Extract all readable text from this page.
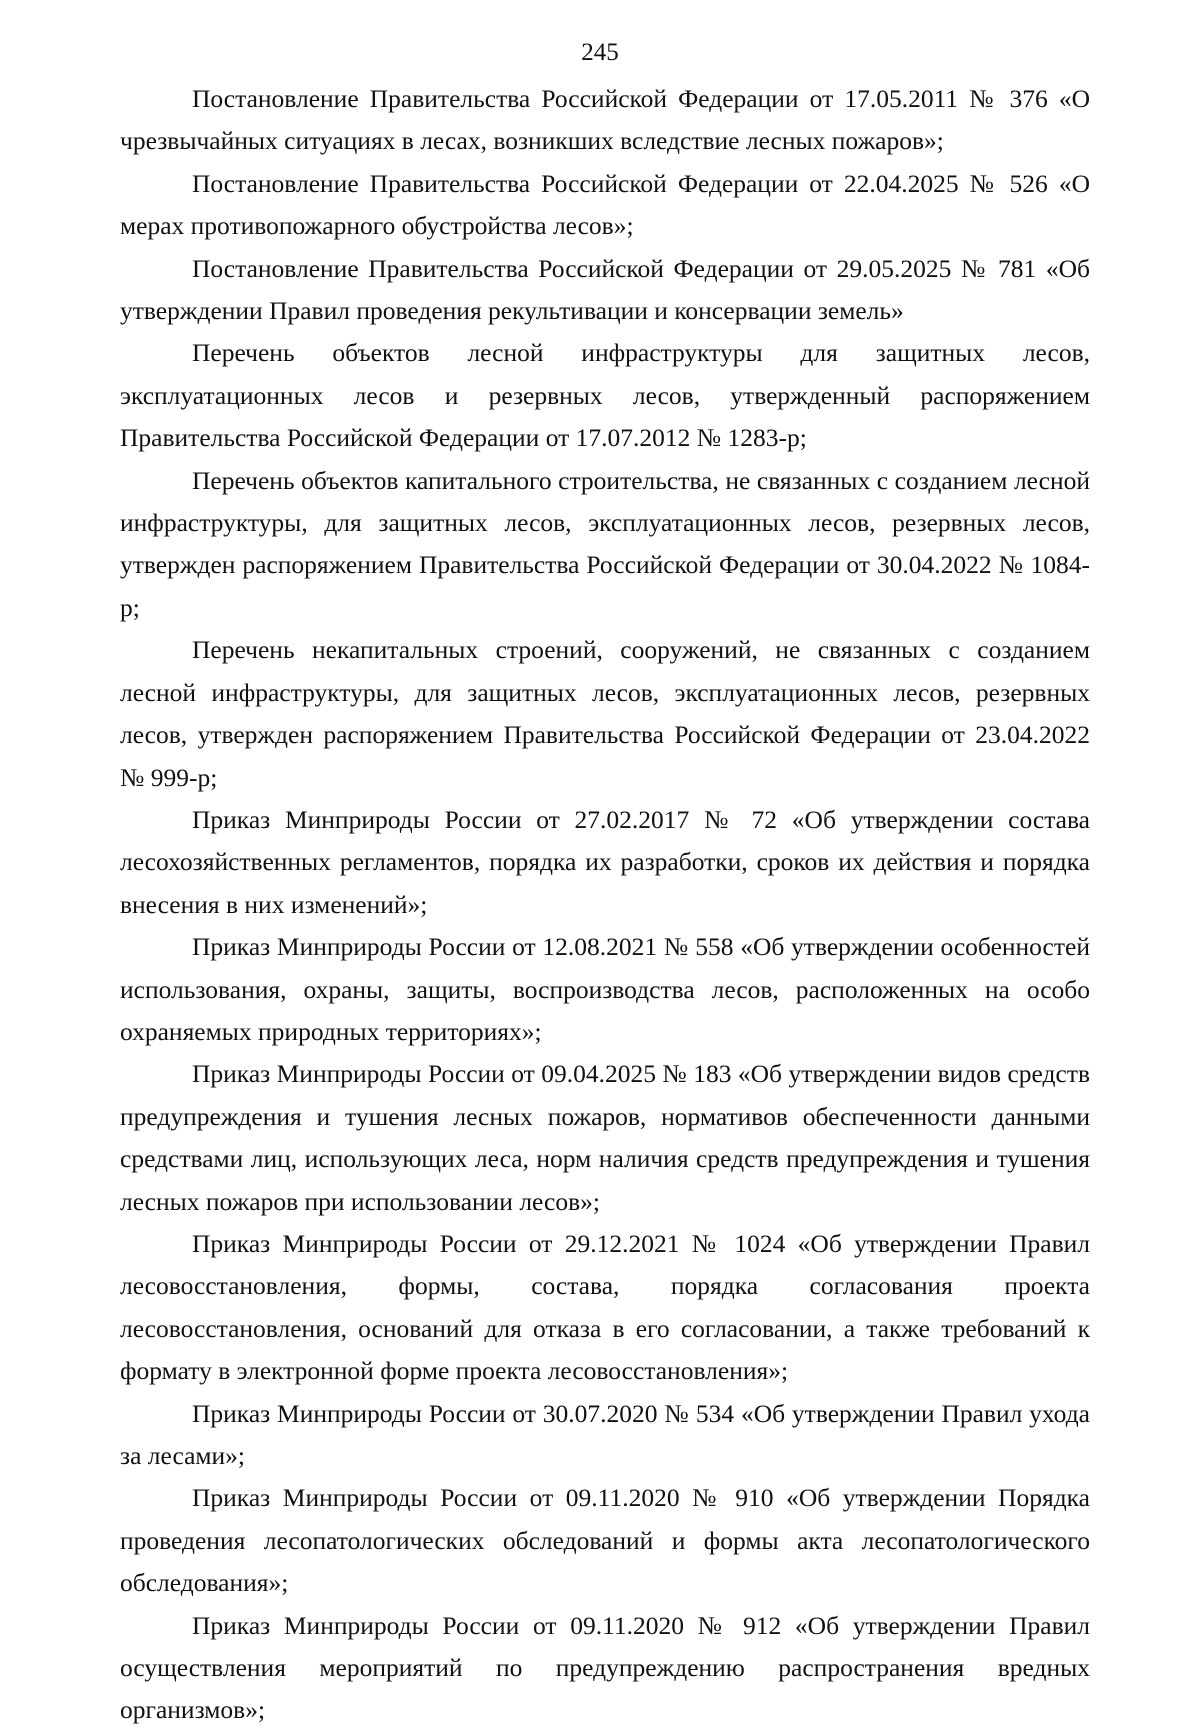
245

Постановление Правительства Российской Федерации от 17.05.2011 № 376 «О чрезвычайных ситуациях в лесах, возникших вследствие лесных пожаров»;

Постановление Правительства Российской Федерации от 22.04.2025 № 526 «О мерах противопожарного обустройства лесов»;

Постановление Правительства Российской Федерации от 29.05.2025 № 781 «Об утверждении Правил проведения рекультивации и консервации земель»

Перечень объектов лесной инфраструктуры для защитных лесов, эксплуатационных лесов и резервных лесов, утвержденный распоряжением Правительства Российской Федерации от 17.07.2012 № 1283-р;

Перечень объектов капитального строительства, не связанных с созданием лесной инфраструктуры, для защитных лесов, эксплуатационных лесов, резервных лесов, утвержден распоряжением Правительства Российской Федерации от 30.04.2022 № 1084-р;

Перечень некапитальных строений, сооружений, не связанных с созданием лесной инфраструктуры, для защитных лесов, эксплуатационных лесов, резервных лесов, утвержден распоряжением Правительства Российской Федерации от 23.04.2022 № 999-р;

Приказ Минприроды России от 27.02.2017 № 72 «Об утверждении состава лесохозяйственных регламентов, порядка их разработки, сроков их действия и порядка внесения в них изменений»;

Приказ Минприроды России от 12.08.2021 № 558 «Об утверждении особенностей использования, охраны, защиты, воспроизводства лесов, расположенных на особо охраняемых природных территориях»;

Приказ Минприроды России от 09.04.2025 № 183 «Об утверждении видов средств предупреждения и тушения лесных пожаров, нормативов обеспеченности данными средствами лиц, использующих леса, норм наличия средств предупреждения и тушения лесных пожаров при использовании лесов»;

Приказ Минприроды России от 29.12.2021 № 1024 «Об утверждении Правил лесовосстановления, формы, состава, порядка согласования проекта лесовосстановления, оснований для отказа в его согласовании, а также требований к формату в электронной форме проекта лесовосстановления»;

Приказ Минприроды России от 30.07.2020 № 534 «Об утверждении Правил ухода за лесами»;

Приказ Минприроды России от 09.11.2020 № 910 «Об утверждении Порядка проведения лесопатологических обследований и формы акта лесопатологического обследования»;

Приказ Минприроды России от 09.11.2020 № 912 «Об утверждении Правил осуществления мероприятий по предупреждению распространения вредных организмов»;
